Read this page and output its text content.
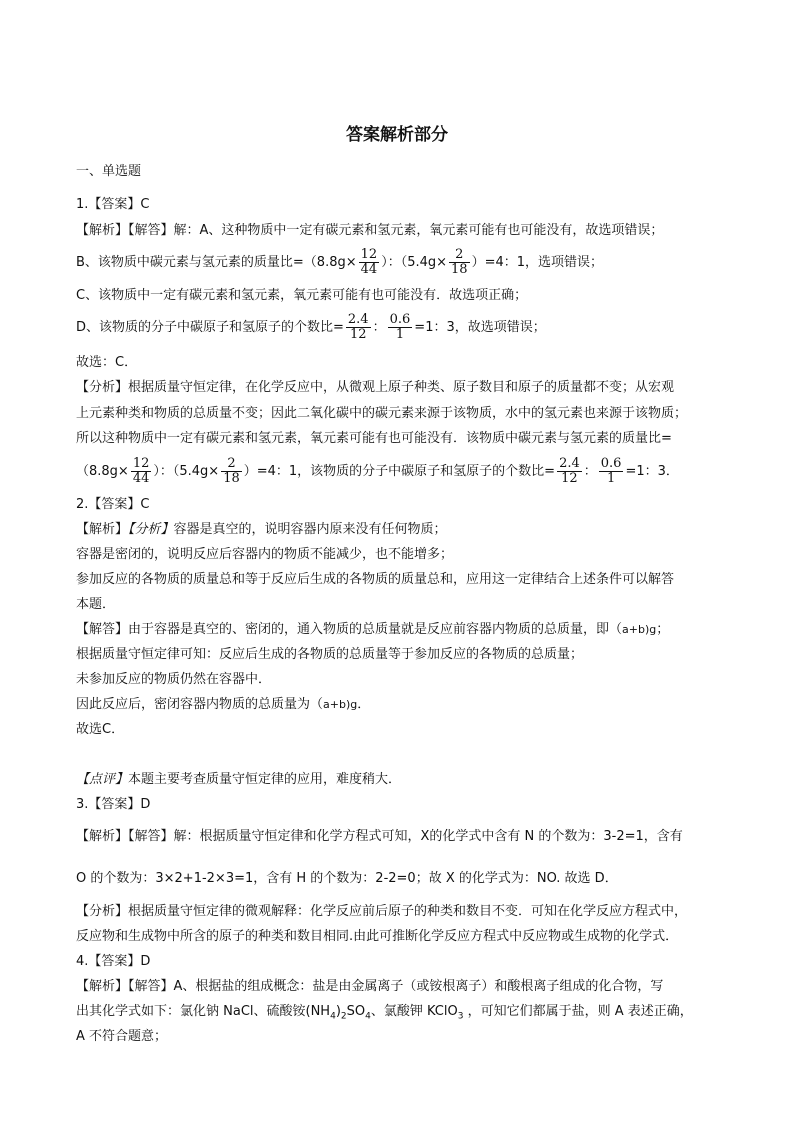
答案解析部分
一、单选题
1.【答案】C
【解析】【解答】解：A、这种物质中一定有碳元素和氢元素，氧元素可能有也可能没有，故选项错误；
B、该物质中碳元素与氢元素的质量比$=(8.8g\times \frac{12}{44}$ ）：$(5.4g\times \frac{2}{18} )=4$：1，选项错误；
C、该物质中一定有碳元素和氢元素，氧元素可能有也可能没有．故选项正确；
D、该物质的分子中碳原子和氢原子的个数比= $\frac{2.4}{12}$ ： $\frac{0.6}{1} =1$：3，故选项错误；
故选：C．
【分析】根据质量守恒定律，在化学反应中，从微观上原子种类、原子数目和原子的质量都不变；从宏观
上元素种类和物质的总质量不变；因此二氧化碳中的碳元素来源于该物质，水中的氢元素也来源于该物质；
所以这种物质中一定有碳元素和氢元素，氧元素可能有也可能没有．该物质中碳元素与氢元素的质量比=
（$8.8g\times \frac{12}{44}$ ）：$(5.4g\times \frac{2}{18} )=4$：1，该物质的分子中碳原子和氢原子的个数比= $\frac{2.4}{12}$ ： $\frac{0.6}{1} =1$：3．
2.【答案】C
【解析】【分析】容器是真空的，说明容器内原来没有任何物质；
容器是密闭的，说明反应后容器内的物质不能减少，也不能增多；
参加反应的各物质的质量总和等于反应后生成的各物质的质量总和，应用这一定律结合上述条件可以解答
本题．
【解答】由于容器是真空的、密闭的，通入物质的总质量就是反应前容器内物质的总质量，即（a+b)g；
根据质量守恒定律可知：反应后生成的各物质的总质量等于参加反应的各物质的总质量；
未参加反应的物质仍然在容器中．
因此反应后，密闭容器内物质的总质量为（a+b)g．
故选C．
【点评】本题主要考查质量守恒定律的应用，难度稍大．
3.【答案】D
【解析】【解答】解：根据质量守恒定律和化学方程式可知，X的化学式中含有 N 的个数为：3-2=1，含有
O 的个数为：3×2+1-2×3=1，含有 H 的个数为：2-2=0；故 X 的化学式为：NO. 故选 D．
【分析】根据质量守恒定律的微观解释：化学反应前后原子的种类和数目不变．可知在化学反应方程式中，
反应物和生成物中所含的原子的种类和数目相同.由此可推断化学反应方程式中反应物或生成物的化学式．
4.【答案】D
【解析】【解答】A、根据盐的组成概念：盐是由金属离子（或铵根离子）和酸根离子组成的化合物，写
出其化学式如下：氯化钠 NaCl、硫酸铵$(NH_4)_2SO_4$、氯酸钾 KClO$_3$ ，可知它们都属于盐，则 A 表述正确，
A 不符合题意；
